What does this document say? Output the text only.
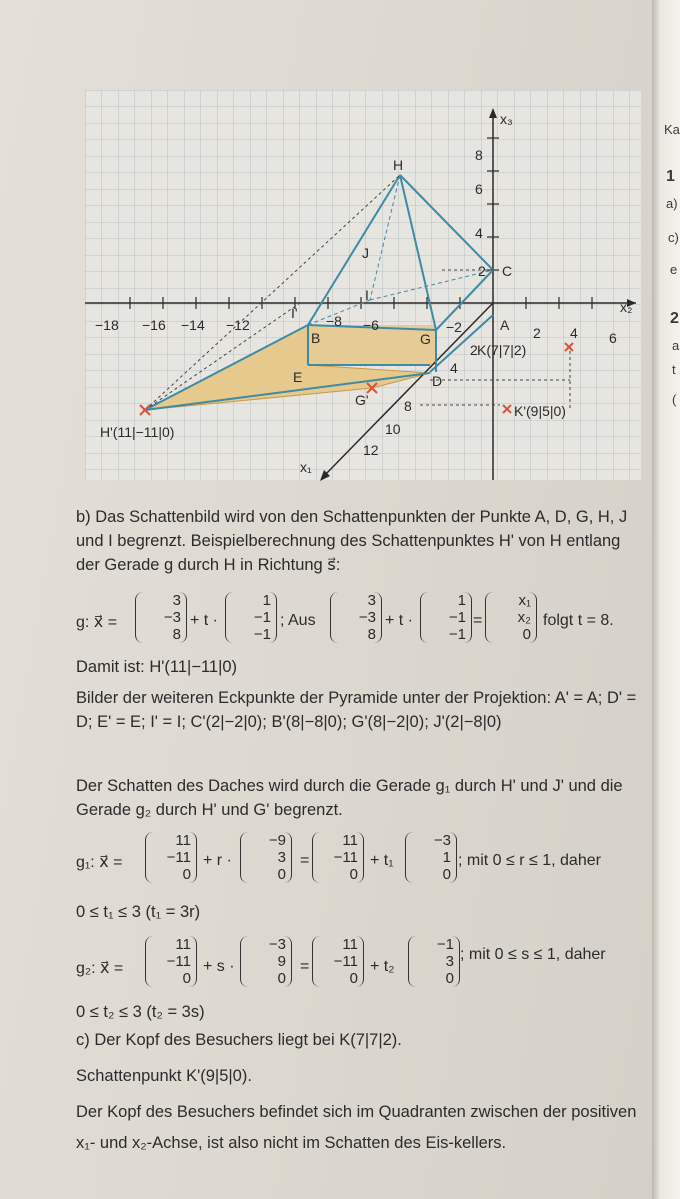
Ka
1
a)
c)
e
2
a
t
(
−18 −16 −14 −12	−6	−2	2 4 6
8
6
4
2
−8
2
4
8
10
12
x₂
x₃
x₁
H
J
I
I'
B	G
E	D
A
C
G'
K(7|7|2)
K'(9|5|0)
H'(11|−11|0)
b) Das Schattenbild wird von den Schattenpunkten der Punkte A, D, G, H, J und I begrenzt. Beispielberechnung des Schattenpunktes H' von H entlang der Gerade g durch H in Richtung s⃗:
g: x⃗ =
3
−3
8
+ t ·
1
−1
−1
; Aus
3
−3
8
+ t ·
1
−1
−1
=
x₁
x₂
0
folgt t = 8.
Damit ist: H'(11|−11|0)
Bilder der weiteren Eckpunkte der Pyramide unter der Projektion: A' = A; D' = D; E' = E; I' = I; C'(2|−2|0); B'(8|−8|0); G'(8|−2|0); J'(2|−8|0)
Der Schatten des Daches wird durch die Gerade g₁ durch H' und J' und die Gerade g₂ durch H' und G' begrenzt.
g₁: x⃗ =
11
−11
0
+ r ·
−9
3
0
=
11
−11
0
+ t₁
−3
1
0
; mit 0 ≤ r ≤ 1, daher
0 ≤ t₁ ≤ 3 (t₁ = 3r)
g₂: x⃗ =
11
−11
0
+ s ·
−3
9
0
=
11
−11
0
+ t₂
−1
3
0
; mit 0 ≤ s ≤ 1, daher
0 ≤ t₂ ≤ 3 (t₂ = 3s)
c) Der Kopf des Besuchers liegt bei K(7|7|2).
Schattenpunkt K'(9|5|0).
Der Kopf des Besuchers befindet sich im Quadranten zwischen der positiven x₁- und x₂-Achse, ist also nicht im Schatten des Eis-kellers.
